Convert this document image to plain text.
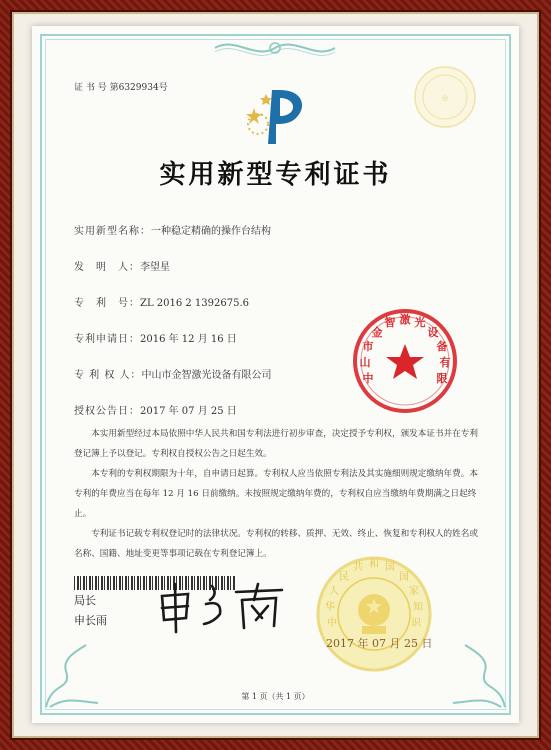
◎
证 书 号 第6329934号
实用新型专利证书
实用新型名称：一种稳定精确的操作台结构
发　明　人：李望星
专　利　号：ZL 2016 2 1392675.6
专利申请日：2016 年 12 月 16 日
专 利 权 人：中山市金智激光设备有限公司
授权公告日：2017 年 07 月 25 日
中
山
市
金
智 激 光
设
备
有
限

本实用新型经过本局依照中华人民共和国专利法进行初步审查，决定授予专利权，颁发本证书并在专利登记簿上予以登记。专利权自授权公告之日起生效。

本专利的专利权期限为十年，自申请日起算。专利权人应当依照专利法及其实施细则规定缴纳年费。本专利的年费应当在每年 12 月 16 日前缴纳。未按照规定缴纳年费的，专利权自应当缴纳年费期满之日起终止。

专利证书记载专利权登记时的法律状况。专利权的转移、质押、无效、终止、恢复和专利权人的姓名或名称、国籍、地址变更等事项记载在专利登记簿上。

局长
申长雨	中
华
人
民
共 和 国
国
家
知
识
2017 年 07 月 25 日
第 1 页（共 1 页）
